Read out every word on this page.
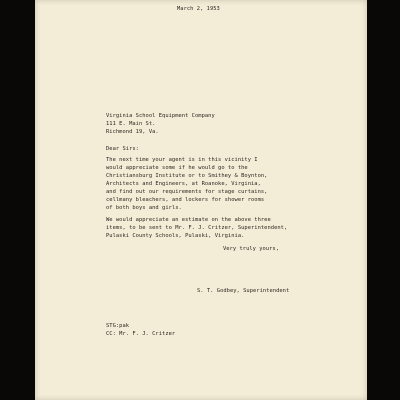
March 2, 1953
Virginia School Equipment Company
111 E. Main St.
Richmond 19, Va.
Dear Sirs:
The next time your agent is in this vicinity I
would appreciate some if he would go to the
Christiansburg Institute or to Smithey & Boynton,
Architects and Engineers, at Roanoke, Virginia,
and find out our requirements for stage curtains,
cellmany bleachers, and lockers for shower rooms
of both boys and girls.
We would appreciate an estimate on the above three
items, to be sent to Mr. F. J. Critzer, Superintendent,
Pulaski County Schools, Pulaski, Virginia.
Very truly yours,
S. T. Godbey, Superintendent
STG:pak
CC: Mr. F. J. Critzer
